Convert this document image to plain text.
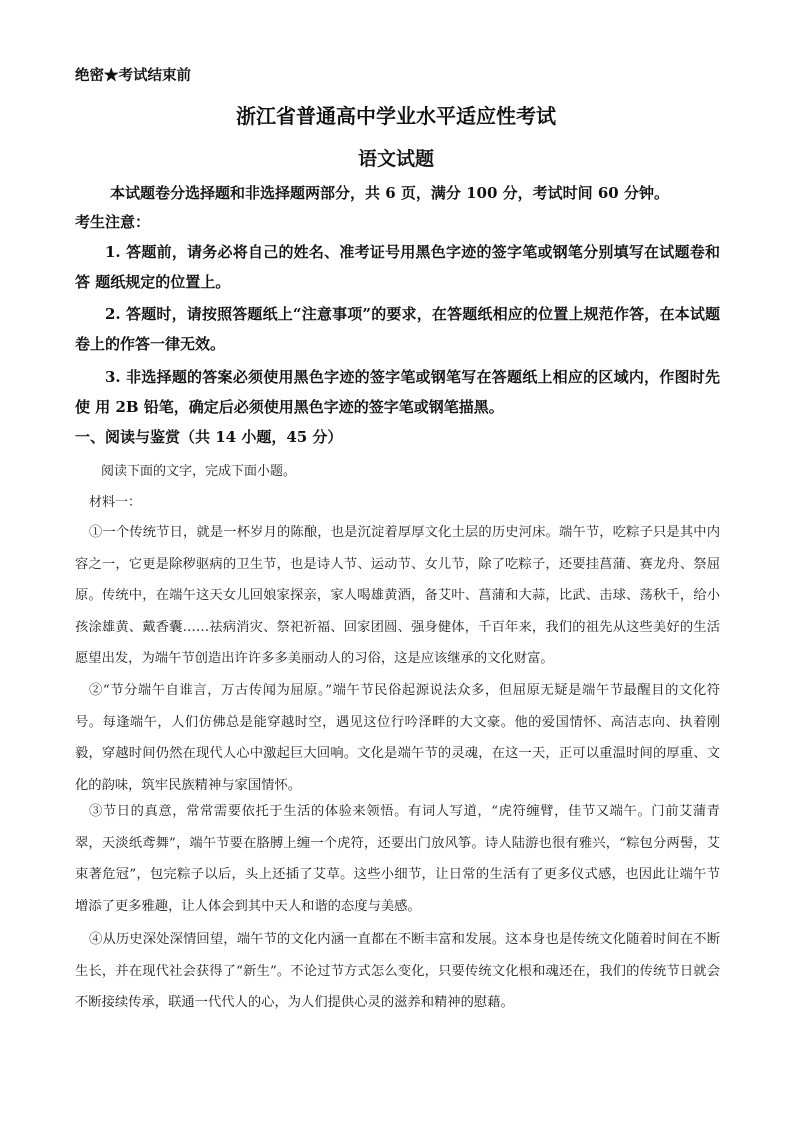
绝密★考试结束前
浙江省普通高中学业水平适应性考试
语文试题
本试题卷分选择题和非选择题两部分，共 6 页，满分 100 分，考试时间 60 分钟。
考生注意：
1. 答题前，请务必将自己的姓名、准考证号用黑色字迹的签字笔或钢笔分别填写在试题卷和答 题纸规定的位置上。
2. 答题时，请按照答题纸上“注意事项”的要求，在答题纸相应的位置上规范作答，在本试题 卷上的作答一律无效。
3. 非选择题的答案必须使用黑色字迹的签字笔或钢笔写在答题纸上相应的区域内，作图时先使 用 2B 铅笔，确定后必须使用黑色字迹的签字笔或钢笔描黑。
一、阅读与鉴赏（共 14 小题，45 分）
阅读下面的文字，完成下面小题。
材料一：
①一个传统节日，就是一杯岁月的陈酿，也是沉淀着厚厚文化土层的历史河床。端午节，吃粽子只是其中内容之一，它更是除秽驱病的卫生节，也是诗人节、运动节、女儿节，除了吃粽子，还要挂菖蒲、赛龙舟、祭屈原。传统中，在端午这天女儿回娘家探亲，家人喝雄黄酒，备艾叶、菖蒲和大蒜，比武、击球、荡秋千，给小孩涂雄黄、戴香囊……祛病消灾、祭祀祈福、回家团圆、强身健体，千百年来，我们的祖先从这些美好的生活愿望出发，为端午节创造出许许多多美丽动人的习俗，这是应该继承的文化财富。
②“节分端午自谁言，万古传闻为屈原。”端午节民俗起源说法众多，但屈原无疑是端午节最醒目的文化符号。每逢端午，人们仿佛总是能穿越时空，遇见这位行吟泽畔的大文豪。他的爱国情怀、高洁志向、执着刚毅，穿越时间仍然在现代人心中激起巨大回响。文化是端午节的灵魂，在这一天，正可以重温时间的厚重、文化的韵味，筑牢民族精神与家国情怀。
③节日的真意，常常需要依托于生活的体验来领悟。有词人写道，“虎符缠臂，佳节又端午。门前艾蒲青翠，天淡纸鸢舞”，端午节要在胳膊上缠一个虎符，还要出门放风筝。诗人陆游也很有雅兴，“粽包分两髻，艾束著危冠”，包完粽子以后，头上还插了艾草。这些小细节，让日常的生活有了更多仪式感，也因此让端午节增添了更多雅趣，让人体会到其中天人和谐的态度与美感。
④从历史深处深情回望，端午节的文化内涵一直都在不断丰富和发展。这本身也是传统文化随着时间在不断生长，并在现代社会获得了“新生”。不论过节方式怎么变化，只要传统文化根和魂还在，我们的传统节日就会不断接续传承，联通一代代人的心，为人们提供心灵的滋养和精神的慰藉。
